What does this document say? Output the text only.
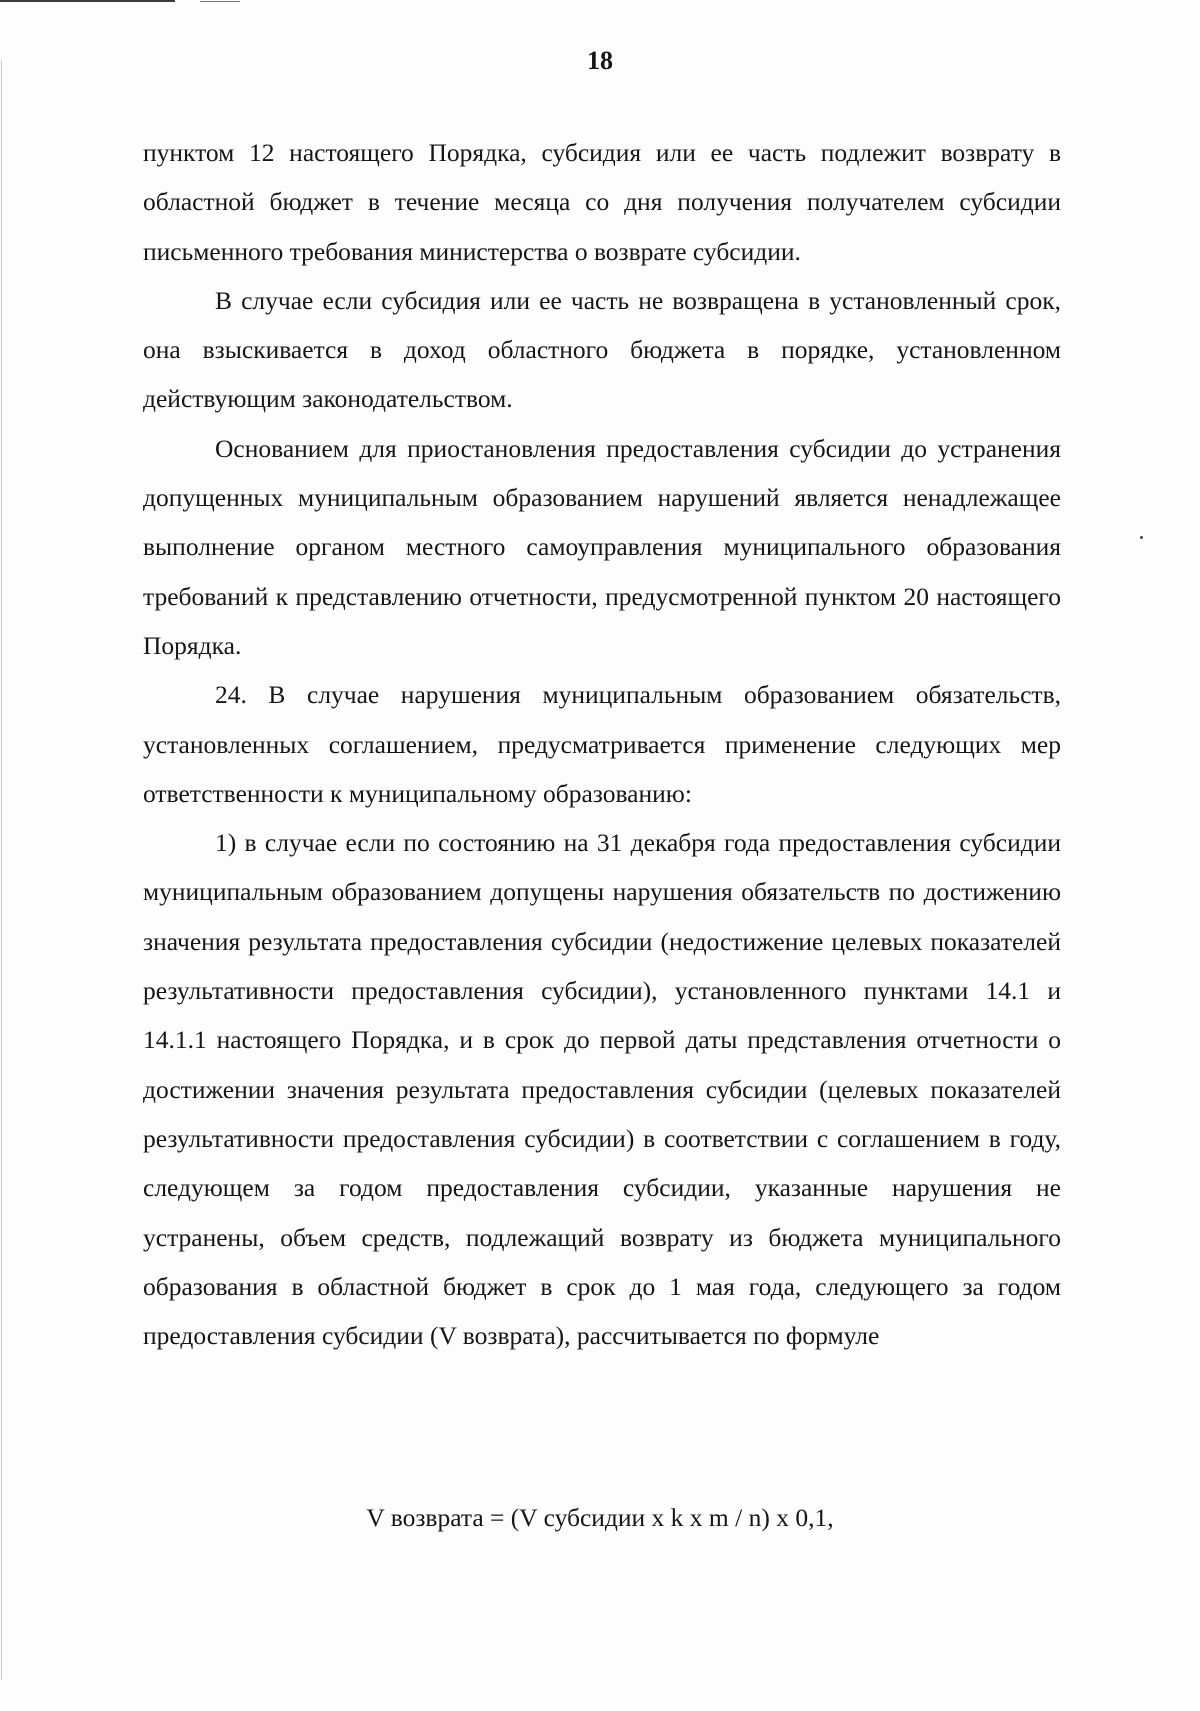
18

пунктом 12 настоящего Порядка, субсидия или ее часть подлежит возврату в областной бюджет в течение месяца со дня получения получателем субсидии письменного требования министерства о возврате субсидии.

В случае если субсидия или ее часть не возвращена в установленный срок, она взыскивается в доход областного бюджета в порядке, установленном действующим законодательством.

Основанием для приостановления предоставления субсидии до устранения допущенных муниципальным образованием нарушений является ненадлежащее выполнение органом местного самоуправления муниципального образования требований к представлению отчетности, предусмотренной пунктом 20 настоящего Порядка.

24. В случае нарушения муниципальным образованием обязательств, установленных соглашением, предусматривается применение следующих мер ответственности к муниципальному образованию:

1) в случае если по состоянию на 31 декабря года предоставления субсидии муниципальным образованием допущены нарушения обязательств по достижению значения результата предоставления субсидии (недостижение целевых показателей результативности предоставления субсидии), установленного пунктами 14.1 и 14.1.1 настоящего Порядка, и в срок до первой даты представления отчетности о достижении значения результата предоставления субсидии (целевых показателей результативности предоставления субсидии) в соответствии с соглашением в году, следующем за годом предоставления субсидии, указанные нарушения не устранены, объем средств, подлежащий возврату из бюджета муниципального образования в областной бюджет в срок до 1 мая года, следующего за годом предоставления субсидии (V возврата), рассчитывается по формуле

V возврата = (V субсидии x k x m / n) x 0,1,
